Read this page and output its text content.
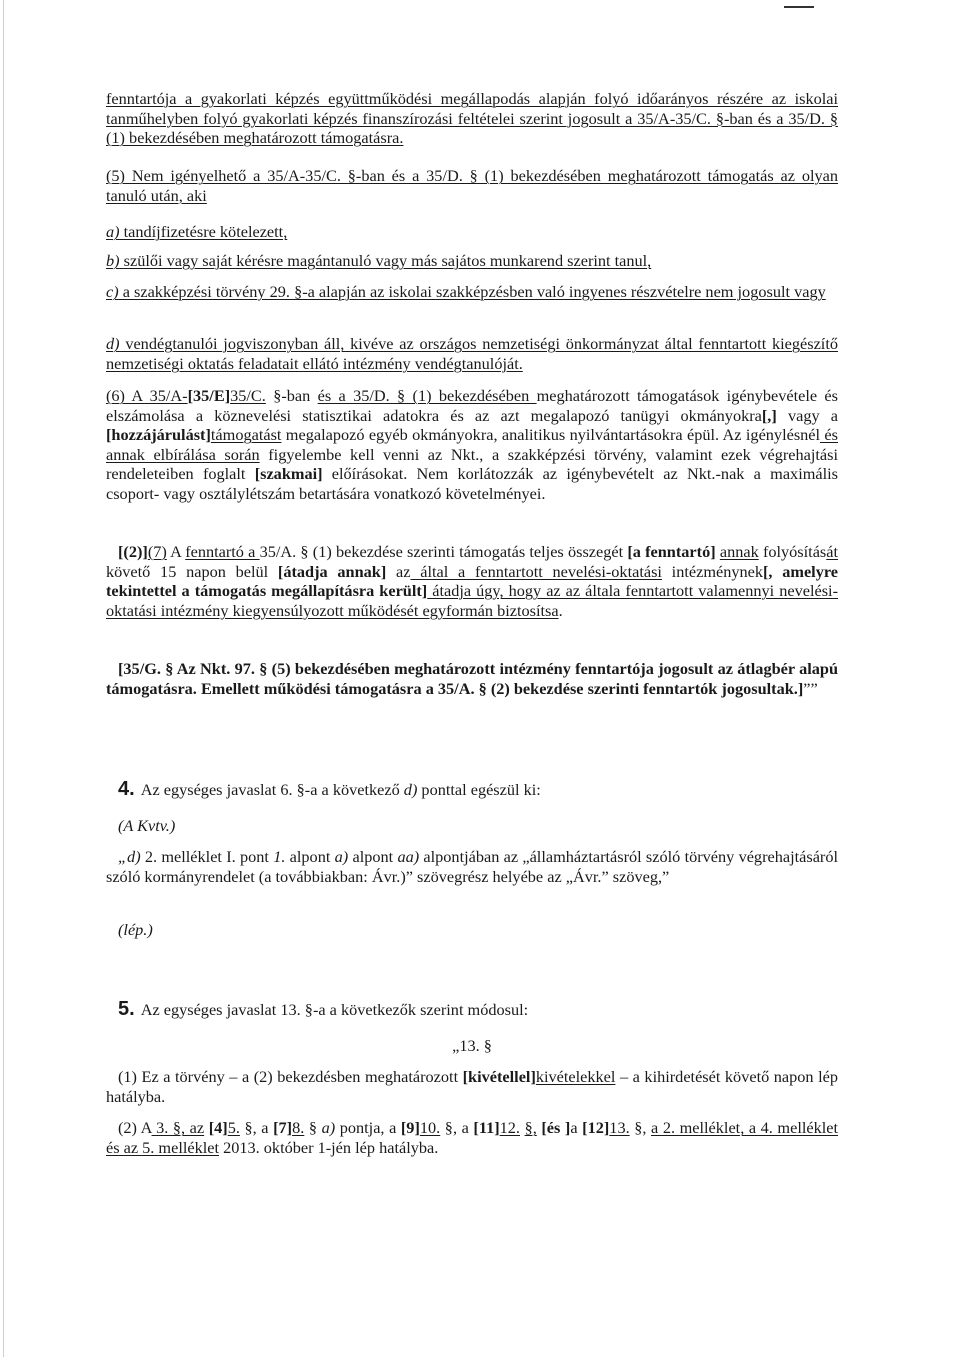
fenntartója a gyakorlati képzés együttműködési megállapodás alapján folyó időarányos részére az iskolai tanműhelyben folyó gyakorlati képzés finanszírozási feltételei szerint jogosult a 35/A-35/C. §-ban és a 35/D. § (1) bekezdésében meghatározott támogatásra.

(5) Nem igényelhető a 35/A-35/C. §-ban és a 35/D. § (1) bekezdésében meghatározott támogatás az olyan tanuló után, aki

a) tandíjfizetésre kötelezett,

b) szülői vagy saját kérésre magántanuló vagy más sajátos munkarend szerint tanul,

c) a szakképzési törvény 29. §-a alapján az iskolai szakképzésben való ingyenes részvételre nem jogosult vagy

d) vendégtanulói jogviszonyban áll, kivéve az országos nemzetiségi önkormányzat által fenntartott kiegészítő nemzetiségi oktatás feladatait ellátó intézmény vendégtanulóját.

(6) A 35/A-[35/E]35/C. §-ban és a 35/D. § (1) bekezdésében meghatározott támogatások igénybevétele és elszámolása a köznevelési statisztikai adatokra és az azt megalapozó tanügyi okmányokra[,] vagy a [hozzájárulást]támogatást megalapozó egyéb okmányokra, analitikus nyilvántartásokra épül. Az igénylésnél és annak elbírálása során figyelembe kell venni az Nkt., a szakképzési törvény, valamint ezek végrehajtási rendeleteiben foglalt [szakmai] előírásokat. Nem korlátozzák az igénybevételt az Nkt.-nak a maximális csoport- vagy osztálylétszám betartására vonatkozó követelményei.

[(2)](7) A fenntartó a 35/A. § (1) bekezdése szerinti támogatás teljes összegét [a fenntartó] annak folyósítását követő 15 napon belül [átadja annak] az által a fenntartott nevelési-oktatási intézménynek[, amelyre tekintettel a támogatás megállapításra került] átadja úgy, hogy az az általa fenntartott valamennyi nevelési-oktatási intézmény kiegyensúlyozott működését egyformán biztosítsa.

[35/G. § Az Nkt. 97. § (5) bekezdésében meghatározott intézmény fenntartója jogosult az átlagbér alapú támogatásra. Emellett működési támogatásra a 35/A. § (2) bekezdése szerinti fenntartók jogosultak.]””

4. Az egységes javaslat 6. §-a a következő d) ponttal egészül ki:

(A Kvtv.)

„d) 2. melléklet I. pont 1. alpont a) alpont aa) alpontjában az „államháztartásról szóló törvény végrehajtásáról szóló kormányrendelet (a továbbiakban: Ávr.)” szövegrész helyébe az „Ávr.” szöveg,”

(lép.)

5. Az egységes javaslat 13. §-a a következők szerint módosul:

„13. §

(1) Ez a törvény – a (2) bekezdésben meghatározott [kivétellel]kivételekkel – a kihirdetését követő napon lép hatályba.

(2) A 3. §, az [4]5. §, a [7]8. § a) pontja, a [9]10. §, a [11]12. §, [és ]a [12]13. §, a 2. melléklet, a 4. melléklet és az 5. melléklet 2013. október 1-jén lép hatályba.
